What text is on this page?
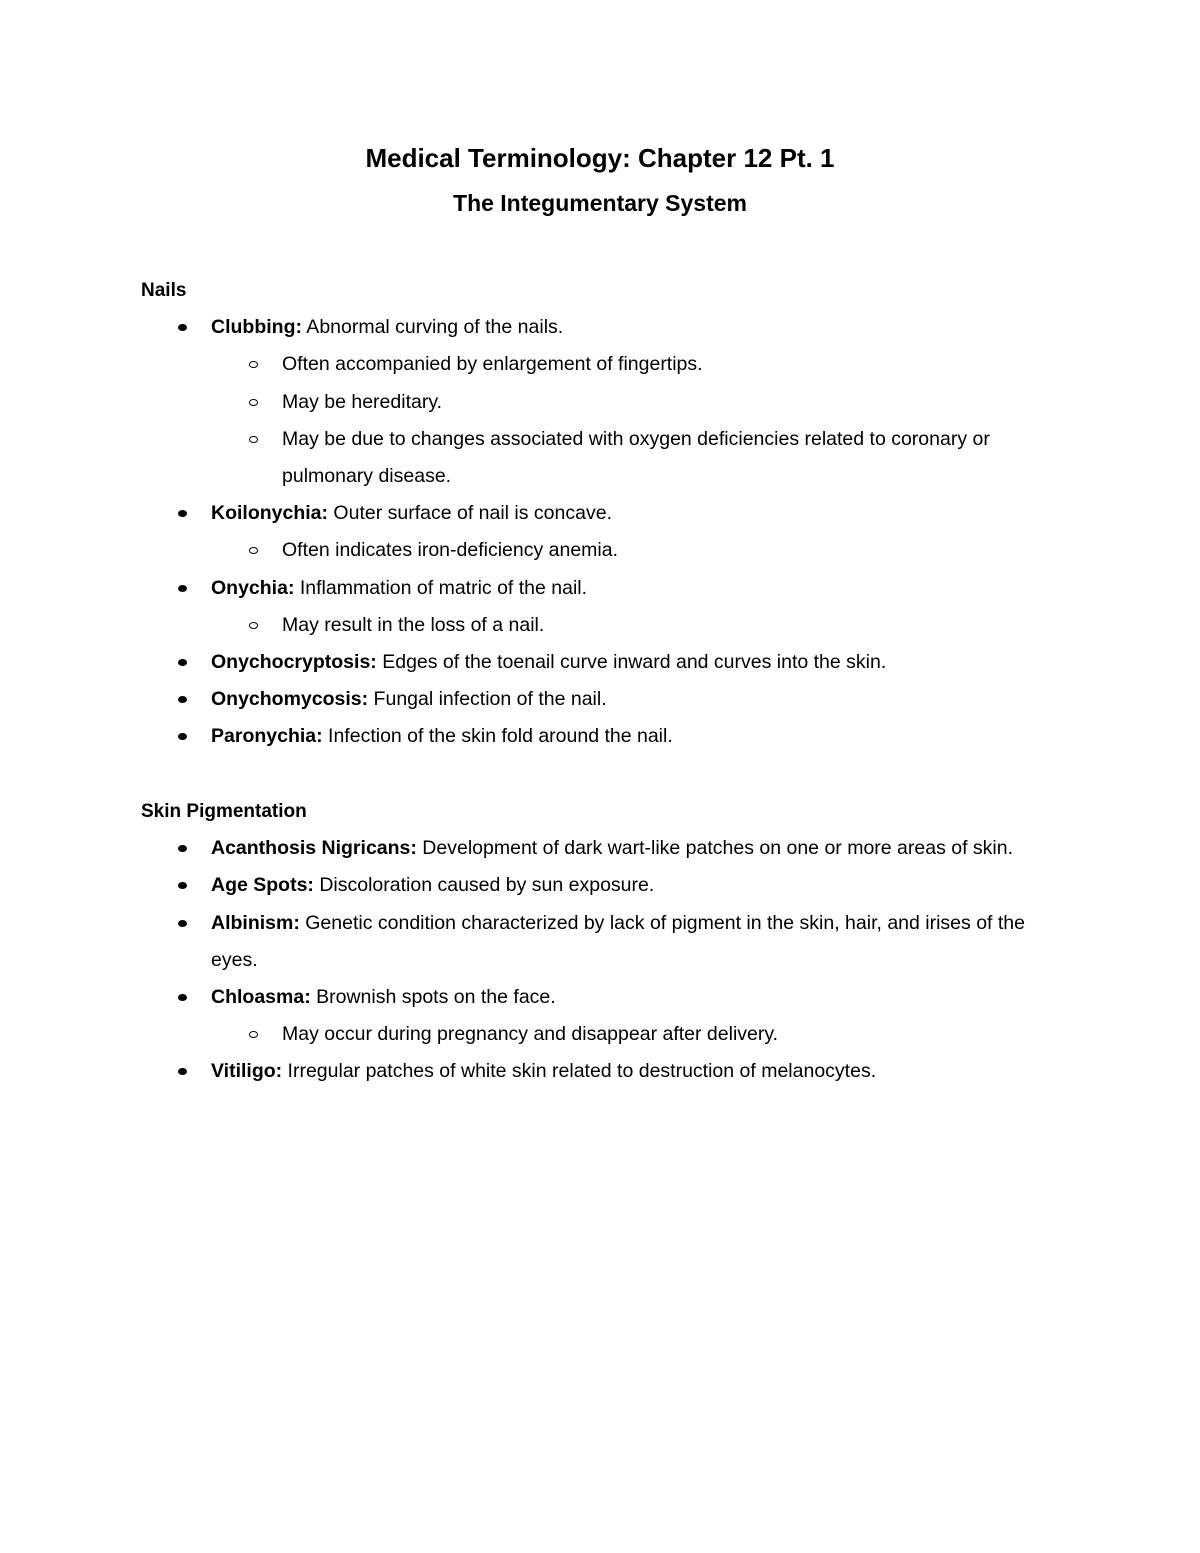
Medical Terminology: Chapter 12 Pt. 1
The Integumentary System
Nails
Clubbing: Abnormal curving of the nails.
Often accompanied by enlargement of fingertips.
May be hereditary.
May be due to changes associated with oxygen deficiencies related to coronary or pulmonary disease.
Koilonychia: Outer surface of nail is concave.
Often indicates iron-deficiency anemia.
Onychia: Inflammation of matric of the nail.
May result in the loss of a nail.
Onychocryptosis: Edges of the toenail curve inward and curves into the skin.
Onychomycosis: Fungal infection of the nail.
Paronychia: Infection of the skin fold around the nail.
Skin Pigmentation
Acanthosis Nigricans: Development of dark wart-like patches on one or more areas of skin.
Age Spots: Discoloration caused by sun exposure.
Albinism: Genetic condition characterized by lack of pigment in the skin, hair, and irises of the eyes.
Chloasma: Brownish spots on the face.
May occur during pregnancy and disappear after delivery.
Vitiligo: Irregular patches of white skin related to destruction of melanocytes.
